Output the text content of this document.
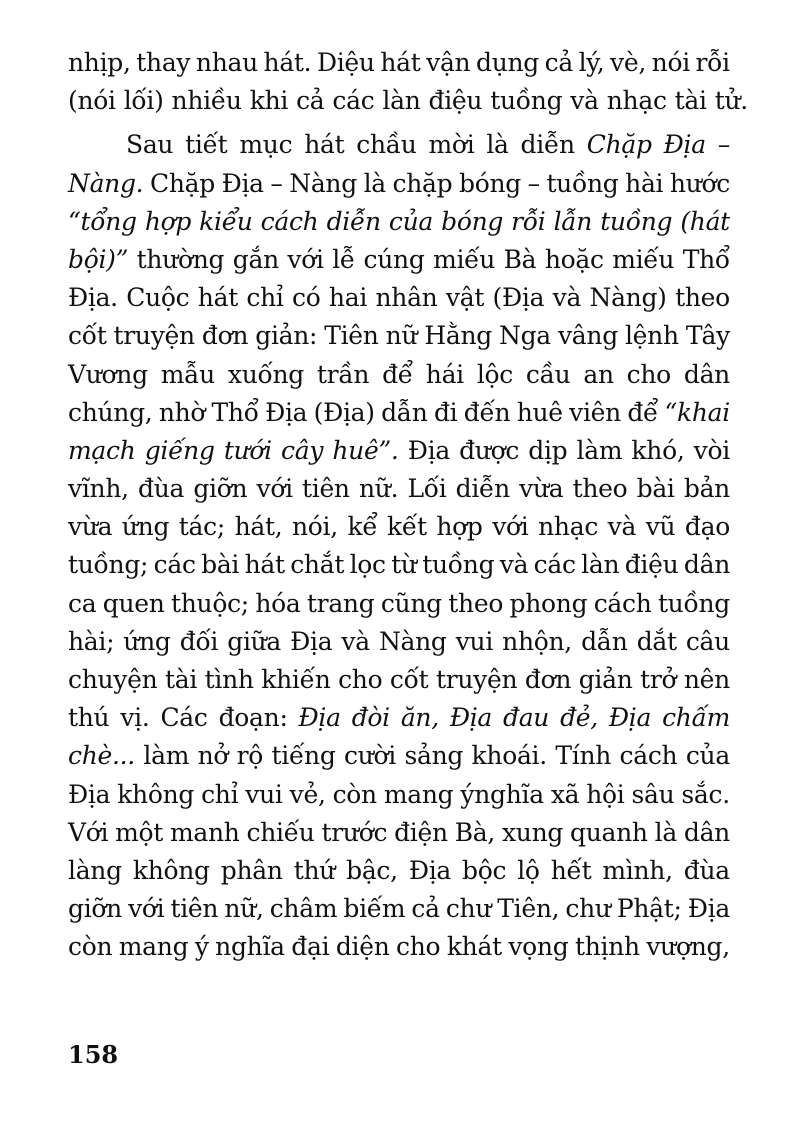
nhịp, thay nhau hát. Diệu hát vận dụng cả lý, vè, nói rỗi
(nói lối) nhiều khi cả các làn điệu tuồng và nhạc tài tử.
Sau tiết mục hát chầu mời là diễn Chặp Địa –
Nàng. Chặp Địa – Nàng là chặp bóng – tuồng hài hước
“tổng hợp kiểu cách diễn của bóng rỗi lẫn tuồng (hát
bội)” thường gắn với lễ cúng miếu Bà hoặc miếu Thổ
Địa. Cuộc hát chỉ có hai nhân vật (Địa và Nàng) theo
cốt truyện đơn giản: Tiên nữ Hằng Nga vâng lệnh Tây
Vương mẫu xuống trần để hái lộc cầu an cho dân
chúng, nhờ Thổ Địa (Địa) dẫn đi đến huê viên để “khai
mạch giếng tưới cây huê”. Địa được dịp làm khó, vòi
vĩnh, đùa giỡn với tiên nữ. Lối diễn vừa theo bài bản
vừa ứng tác; hát, nói, kể kết hợp với nhạc và vũ đạo
tuồng; các bài hát chắt lọc từ tuồng và các làn điệu dân
ca quen thuộc; hóa trang cũng theo phong cách tuồng
hài; ứng đối giữa Địa và Nàng vui nhộn, dẫn dắt câu
chuyện tài tình khiến cho cốt truyện đơn giản trở nên
thú vị. Các đoạn: Địa đòi ăn, Địa đau đẻ, Địa chấm
chè... làm nở rộ tiếng cười sảng khoái. Tính cách của
Địa không chỉ vui vẻ, còn mang ýnghĩa xã hội sâu sắc.
Với một manh chiếu trước điện Bà, xung quanh là dân
làng không phân thứ bậc, Địa bộc lộ hết mình, đùa
giỡn với tiên nữ, châm biếm cả chư Tiên, chư Phật; Địa
còn mang ý nghĩa đại diện cho khát vọng thịnh vượng,
158
